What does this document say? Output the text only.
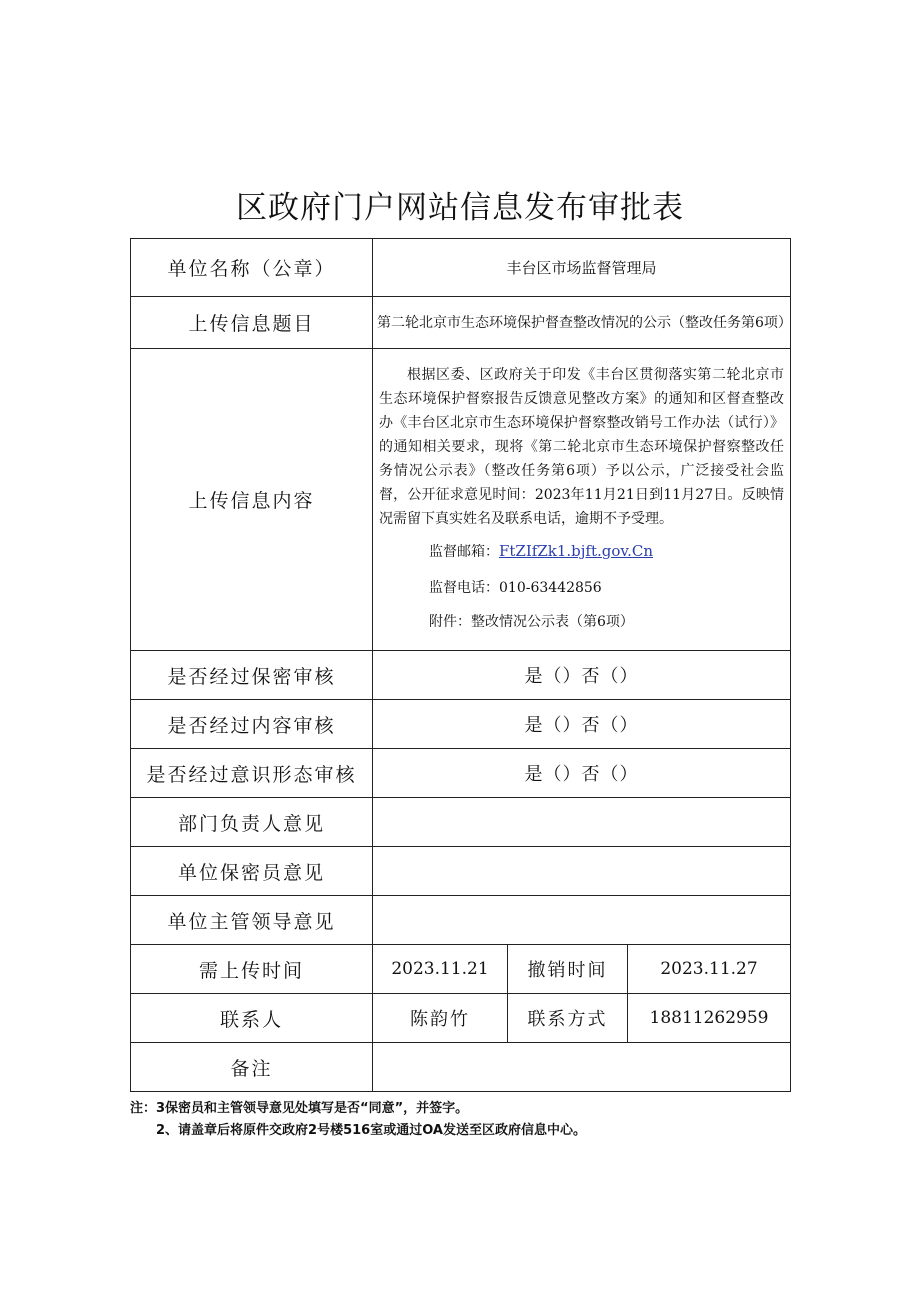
区政府门户网站信息发布审批表
单位名称（公章）	丰台区市场监督管理局		
上传信息题目	第二轮北京市生态环境保护督查整改情况的公示（整改任务第6项）		

上传信息内容	根据区委、区政府关于印发《丰台区贯彻落实第二轮北京市生态环境保护督察报告反馈意见整改方案》的通知和区督查整改办《丰台区北京市生态环境保护督察整改销号工作办法（试行）》的通知相关要求，现将《第二轮北京市生态环境保护督察整改任务情况公示表》（整改任务第6项）予以公示，广泛接受社会监督，公开征求意见时间：2023年11月21日到11月27日。反映情况需留下真实姓名及联系电话，逾期不予受理。

监督邮箱：FtZIfZk1.bjft.gov.Cn

监督电话：010-63442856

附件：整改情况公示表（第6项）		

是否经过保密审核	是（）否（）		
是否经过内容审核	是（）否（）		
是否经过意识形态审核	是（）否（）		
部门负责人意见			
单位保密员意见			
单位主管领导意见			
需上传时间	2023.11.21	撤销时间	2023.11.27
联系人	陈韵竹	联系方式	18811262959
备注			
注：3保密员和主管领导意见处填写是否“同意”，并签字。
2、请盖章后将原件交政府2号楼516室或通过OA发送至区政府信息中心。
